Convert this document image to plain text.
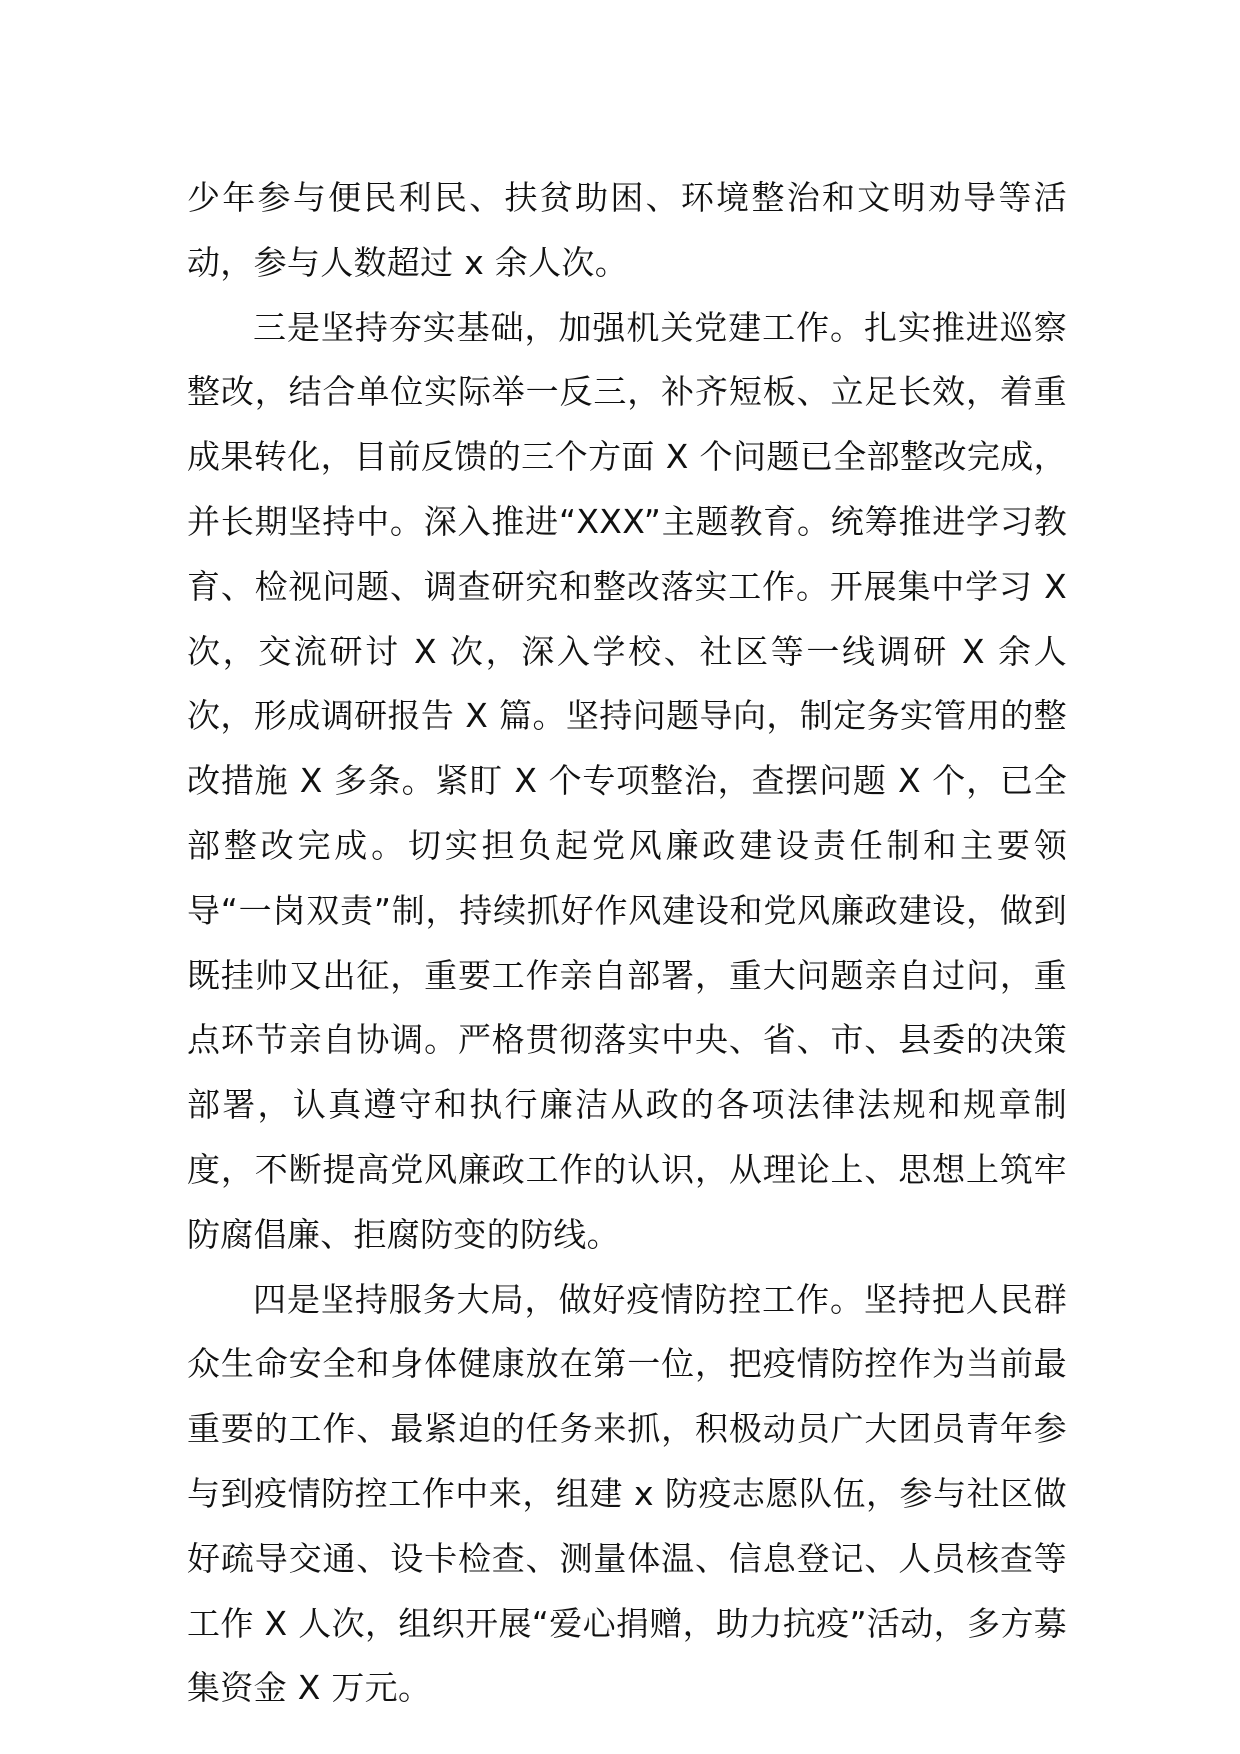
少年参与便民利民、扶贫助困、环境整治和文明劝导等活动，参与人数超过 x 余人次。

三是坚持夯实基础，加强机关党建工作。扎实推进巡察整改，结合单位实际举一反三，补齐短板、立足长效，着重成果转化，目前反馈的三个方面 X 个问题已全部整改完成，并长期坚持中。深入推进“XXX”主题教育。统筹推进学习教育、检视问题、调查研究和整改落实工作。开展集中学习 X 次，交流研讨 X 次，深入学校、社区等一线调研 X 余人次，形成调研报告 X 篇。坚持问题导向，制定务实管用的整改措施 X 多条。紧盯 X 个专项整治，查摆问题 X 个，已全部整改完成。切实担负起党风廉政建设责任制和主要领导“一岗双责”制，持续抓好作风建设和党风廉政建设，做到既挂帅又出征，重要工作亲自部署，重大问题亲自过问，重点环节亲自协调。严格贯彻落实中央、省、市、县委的决策部署，认真遵守和执行廉洁从政的各项法律法规和规章制度，不断提高党风廉政工作的认识，从理论上、思想上筑牢防腐倡廉、拒腐防变的防线。

四是坚持服务大局，做好疫情防控工作。坚持把人民群众生命安全和身体健康放在第一位，把疫情防控作为当前最重要的工作、最紧迫的任务来抓，积极动员广大团员青年参与到疫情防控工作中来，组建 x 防疫志愿队伍，参与社区做好疏导交通、设卡检查、测量体温、信息登记、人员核查等工作 X 人次，组织开展“爱心捐赠，助力抗疫”活动，多方募集资金 X 万元。
